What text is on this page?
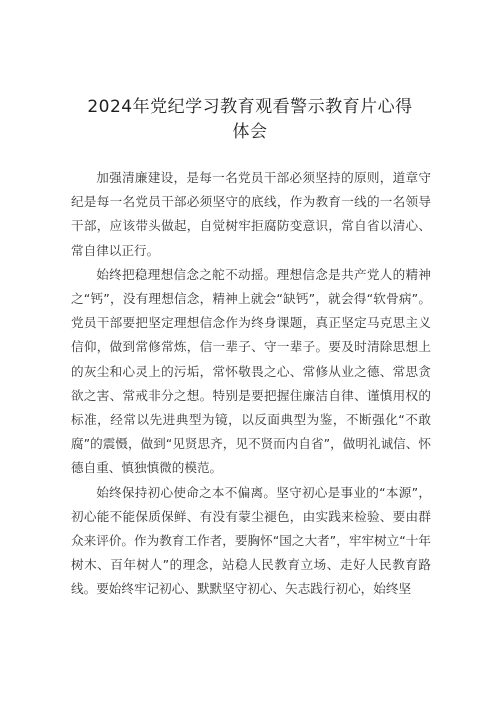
2024年党纪学习教育观看警示教育片心得
体会

加强清廉建设，是每一名党员干部必须坚持的原则，道章守纪是每一名党员干部必须坚守的底线，作为教育一线的一名领导干部，应该带头做起，自觉树牢拒腐防变意识，常自省以清心、常自律以正行。

始终把稳理想信念之舵不动摇。理想信念是共产党人的精神之“钙”，没有理想信念，精神上就会“缺钙”，就会得“软骨病”。党员干部要把坚定理想信念作为终身课题，真正坚定马克思主义信仰，做到常修常炼，信一辈子、守一辈子。要及时清除思想上的灰尘和心灵上的污垢，常怀敬畏之心、常修从业之德、常思贪欲之害、常戒非分之想。特别是要把握住廉洁自律、谨慎用权的标准，经常以先进典型为镜，以反面典型为鉴，不断强化“不敢腐”的震慑，做到“见贤思齐，见不贤而内自省”，做明礼诚信、怀德自重、慎独慎微的模范。

始终保持初心使命之本不偏离。坚守初心是事业的“本源”，初心能不能保质保鲜、有没有蒙尘褪色，由实践来检验、要由群众来评价。作为教育工作者，要胸怀“国之大者”，牢牢树立“十年树木、百年树人”的理念，站稳人民教育立场、走好人民教育路线。要始终牢记初心、默默坚守初心、矢志践行初心，始终坚
